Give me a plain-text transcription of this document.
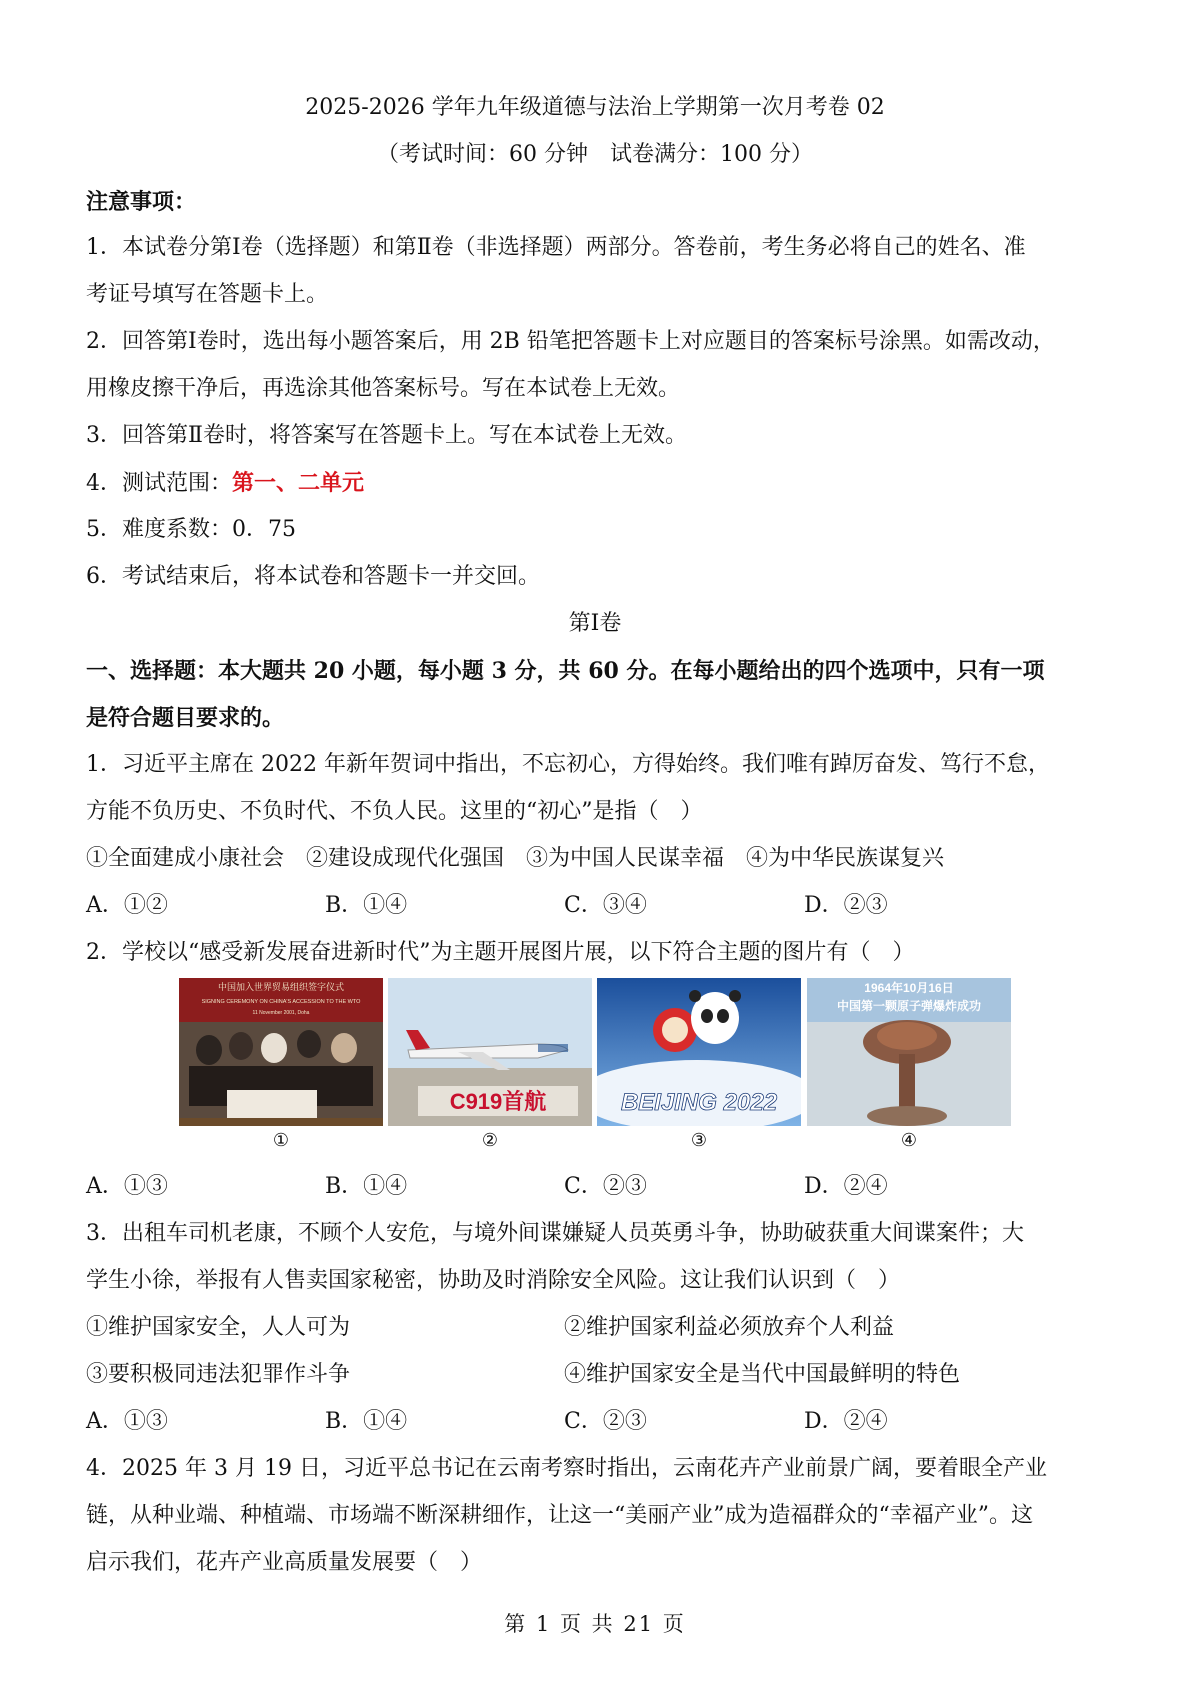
2025-2026 学年九年级道德与法治上学期第一次月考卷 02
（考试时间：60 分钟　试卷满分：100 分）
注意事项：
1．本试卷分第Ⅰ卷（选择题）和第Ⅱ卷（非选择题）两部分。答卷前，考生务必将自己的姓名、准
考证号填写在答题卡上。
2．回答第Ⅰ卷时，选出每小题答案后，用 2B 铅笔把答题卡上对应题目的答案标号涂黑。如需改动，
用橡皮擦干净后，再选涂其他答案标号。写在本试卷上无效。
3．回答第Ⅱ卷时，将答案写在答题卡上。写在本试卷上无效。
4．测试范围：第一、二单元
5．难度系数：0．75
6．考试结束后，将本试卷和答题卡一并交回。
第Ⅰ卷
一、选择题：本大题共 20 小题，每小题 3 分，共 60 分。在每小题给出的四个选项中，只有一项
是符合题目要求的。
1．习近平主席在 2022 年新年贺词中指出，不忘初心，方得始终。我们唯有踔厉奋发、笃行不怠，
方能不负历史、不负时代、不负人民。这里的“初心”是指（　）
①全面建成小康社会　②建设成现代化强国　③为中国人民谋幸福　④为中华民族谋复兴
A．①②	B．①④	C．③④	D．②③
2．学校以“感受新发展奋进新时代”为主题开展图片展，以下符合主题的图片有（　）
中国加入世界贸易组织签字仪式
SIGNING CEREMONY ON CHINA'S ACCESSION TO THE WTO
11 November 2001, Doha
C919首航	BEIJING 2022
1964年10月16日
中国第一颗原子弹爆炸成功
①	②	③	④
A．①③	B．①④	C．②③	D．②④
3．出租车司机老康，不顾个人安危，与境外间谍嫌疑人员英勇斗争，协助破获重大间谍案件；大
学生小徐，举报有人售卖国家秘密，协助及时消除安全风险。这让我们认识到（　）
①维护国家安全，人人可为	②维护国家利益必须放弃个人利益
③要积极同违法犯罪作斗争	④维护国家安全是当代中国最鲜明的特色
A．①③	B．①④	C．②③	D．②④
4．2025 年 3 月 19 日，习近平总书记在云南考察时指出，云南花卉产业前景广阔，要着眼全产业
链，从种业端、种植端、市场端不断深耕细作，让这一“美丽产业”成为造福群众的“幸福产业”。这
启示我们，花卉产业高质量发展要（　）
第 1 页 共 21 页
